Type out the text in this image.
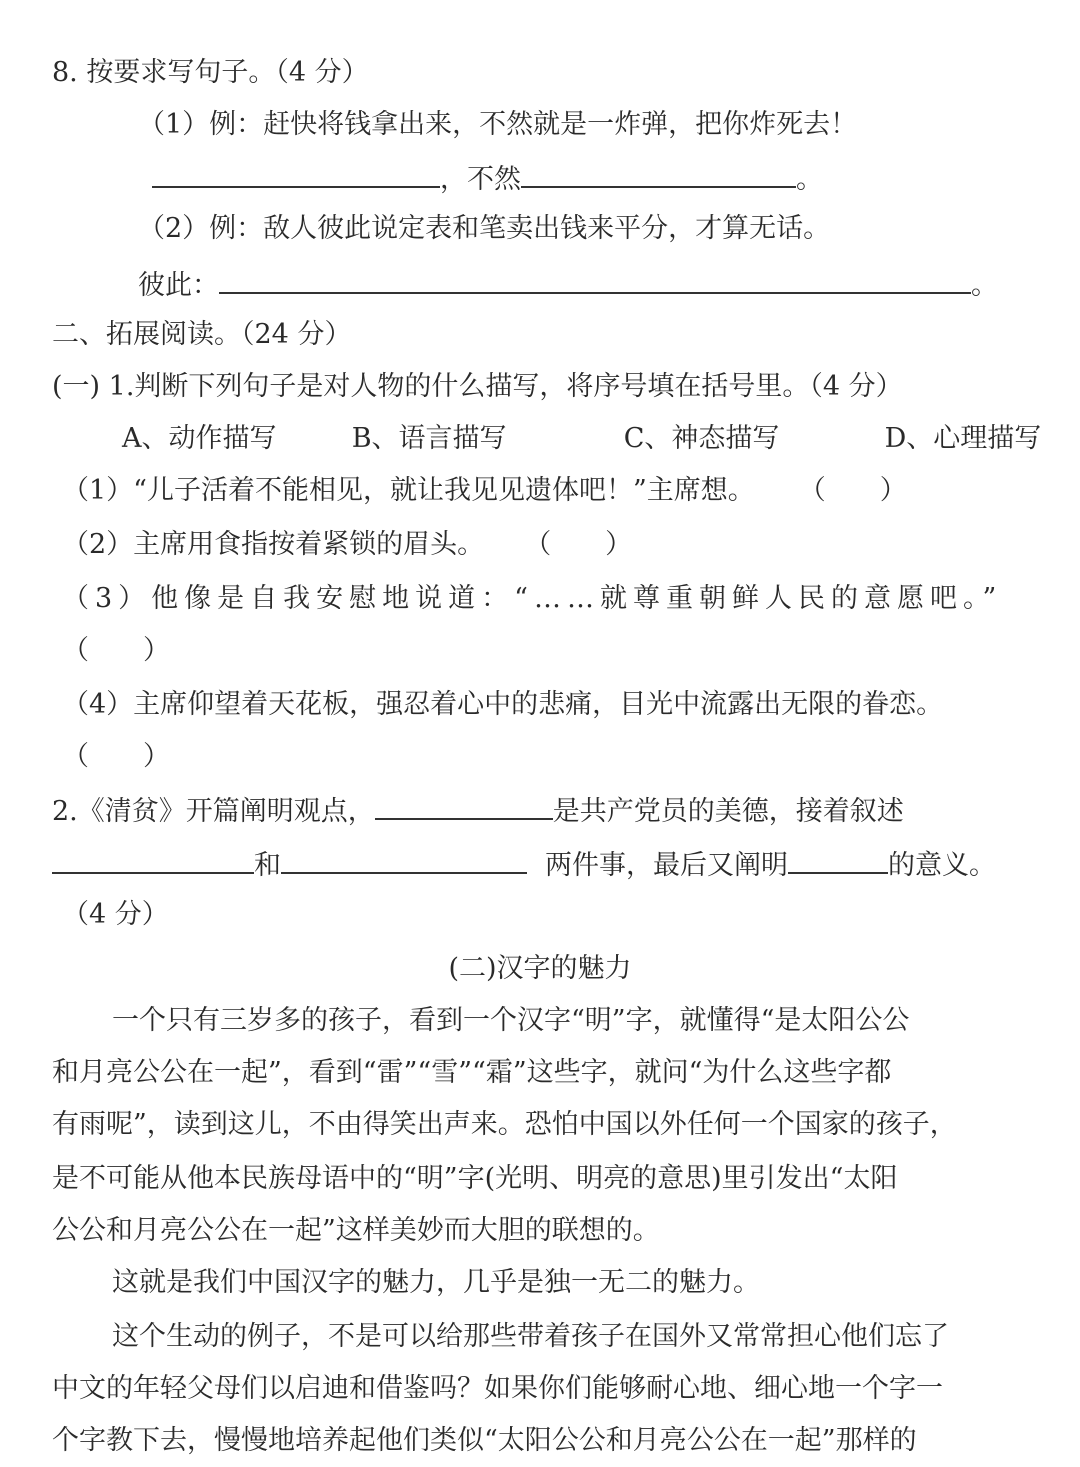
8. 按要求写句子。（4 分）
（1）例：赶快将钱拿出来，不然就是一炸弹，把你炸死去！
，不然	。
（2）例：敌人彼此说定表和笔卖出钱来平分，才算无话。
彼此：	。
二、拓展阅读。（24 分）
(一) 1.判断下列句子是对人物的什么描写，将序号填在括号里。（4 分）
A、动作描写	B、语言描写	C、神态描写	D、心理描写
（1）“儿子活着不能相见，就让我见见遗体吧！”主席想。 （　　）
（2）主席用食指按着紧锁的眉头。 （　　）
（3）他像是自我安慰地说道：“……就尊重朝鲜人民的意愿吧。”
（　　）
（4）主席仰望着天花板，强忍着心中的悲痛，目光中流露出无限的眷恋。
（　　）
2.《清贫》开篇阐明观点，	是共产党员的美德，接着叙述
和	两件事，最后又阐明	的意义。
（4 分）
(二)汉字的魅力
一个只有三岁多的孩子，看到一个汉字“明”字，就懂得“是太阳公公
和月亮公公在一起”，看到“雷”“雪”“霜”这些字，就问“为什么这些字都
有雨呢”，读到这儿，不由得笑出声来。恐怕中国以外任何一个国家的孩子，
是不可能从他本民族母语中的“明”字(光明、明亮的意思)里引发出“太阳
公公和月亮公公在一起”这样美妙而大胆的联想的。
这就是我们中国汉字的魅力，几乎是独一无二的魅力。
这个生动的例子，不是可以给那些带着孩子在国外又常常担心他们忘了
中文的年轻父母们以启迪和借鉴吗？如果你们能够耐心地、细心地一个字一
个字教下去，慢慢地培养起他们类似“太阳公公和月亮公公在一起”那样的
